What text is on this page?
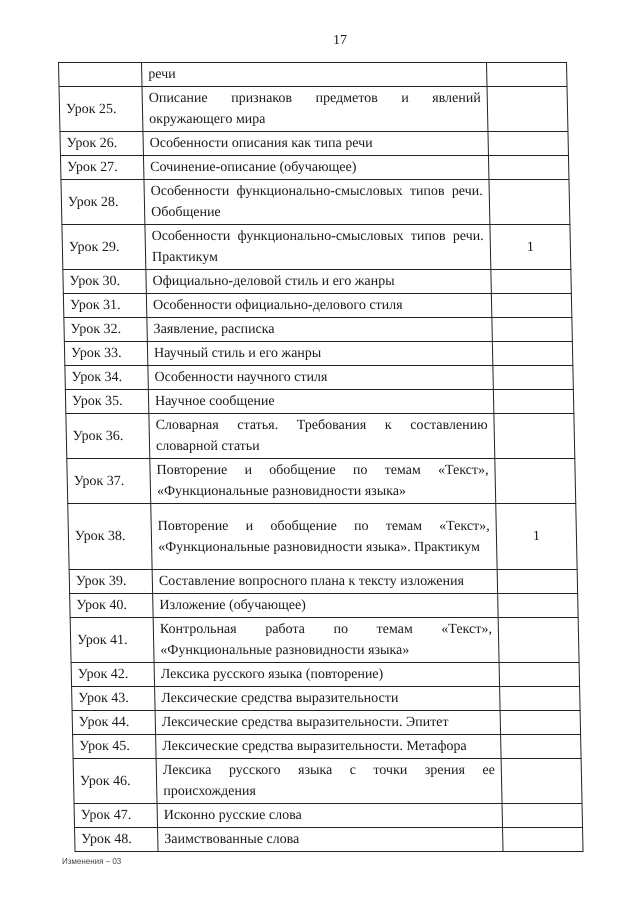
17
	речи	
Урок 25.	Описание признаков предметов и явлений окружающего мира	
Урок 26.	Особенности описания как типа речи	
Урок 27.	Сочинение-описание (обучающее)	
Урок 28.	Особенности функционально-смысловых типов речи. Обобщение	
Урок 29.	Особенности функционально-смысловых типов речи. Практикум	1
Урок 30.	Официально-деловой стиль и его жанры	
Урок 31.	Особенности официально-делового стиля	
Урок 32.	Заявление, расписка	
Урок 33.	Научный стиль и его жанры	
Урок 34.	Особенности научного стиля	
Урок 35.	Научное сообщение	
Урок 36.	Словарная статья. Требования к составлению словарной статьи	
Урок 37.	Повторение и обобщение по темам «Текст», «Функциональные разновидности языка»	
Урок 38.	Повторение и обобщение по темам «Текст», «Функциональные разновидности языка». Практикум	1
Урок 39.	Составление вопросного плана к тексту изложения	
Урок 40.	Изложение (обучающее)	
Урок 41.	Контрольная работа по темам «Текст», «Функциональные разновидности языка»	
Урок 42.	Лексика русского языка (повторение)	
Урок 43.	Лексические средства выразительности	
Урок 44.	Лексические средства выразительности. Эпитет	
Урок 45.	Лексические средства выразительности. Метафора	
Урок 46.	Лексика русского языка с точки зрения ее происхождения	
Урок 47.	Исконно русские слова	
Урок 48.	Заимствованные слова	
Изменения – 03
